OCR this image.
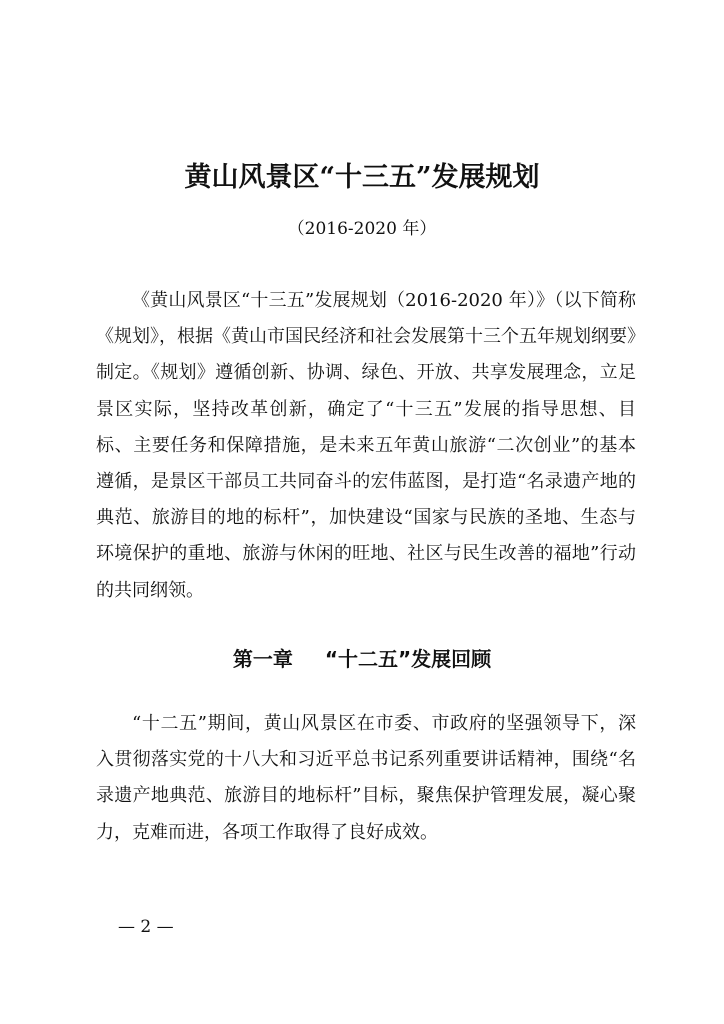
黄山风景区“十三五”发展规划
（2016-2020 年）

《黄山风景区“十三五”发展规划（2016-2020 年）》（以下简称《规划》，根据《黄山市国民经济和社会发展第十三个五年规划纲要》制定。《规划》遵循创新、协调、绿色、开放、共享发展理念，立足景区实际，坚持改革创新，确定了“十三五”发展的指导思想、目标、主要任务和保障措施，是未来五年黄山旅游“二次创业”的基本遵循，是景区干部员工共同奋斗的宏伟蓝图，是打造“名录遗产地的典范、旅游目的地的标杆”，加快建设“国家与民族的圣地、生态与环境保护的重地、旅游与休闲的旺地、社区与民生改善的福地”行动的共同纲领。

第一章 “十二五”发展回顾

“十二五”期间，黄山风景区在市委、市政府的坚强领导下，深入贯彻落实党的十八大和习近平总书记系列重要讲话精神，围绕“名录遗产地典范、旅游目的地标杆”目标，聚焦保护管理发展，凝心聚力，克难而进，各项工作取得了良好成效。

— 2 —
